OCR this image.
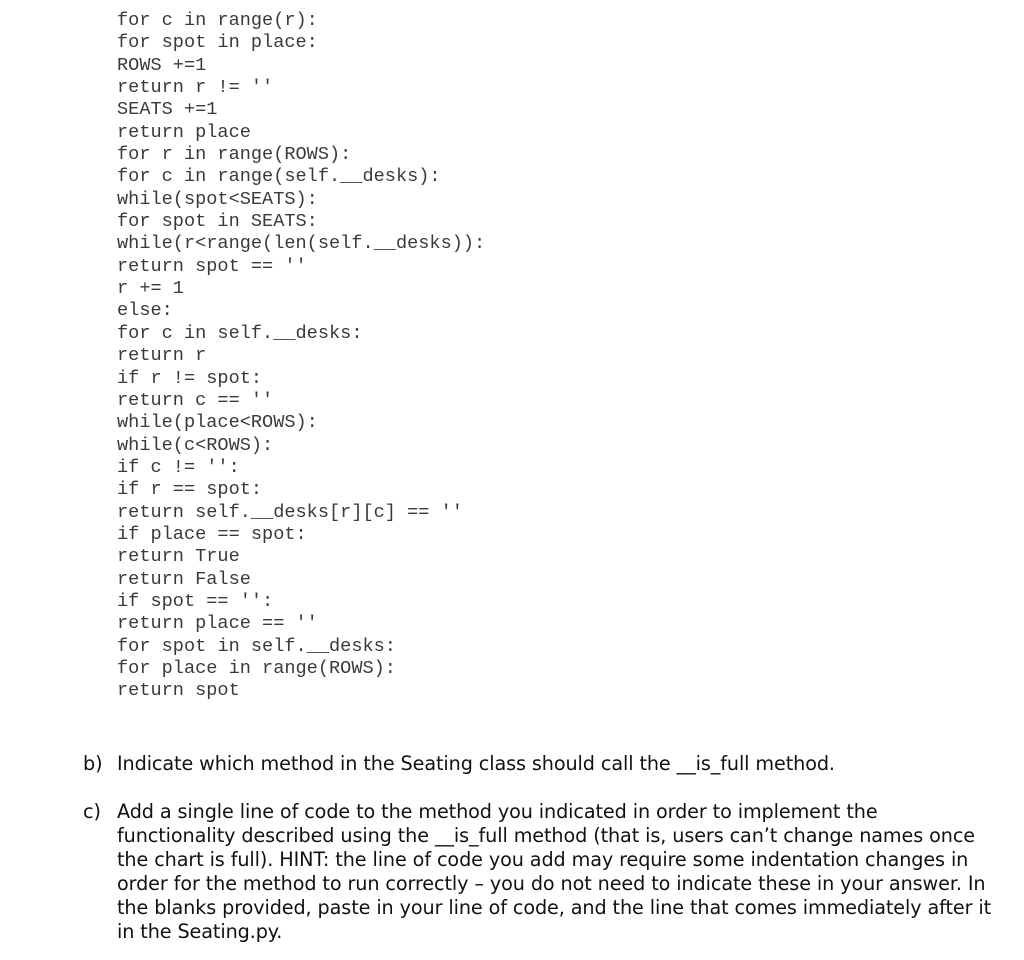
for c in range(r):
for spot in place:
ROWS +=1
return r != ''
SEATS +=1
return place
for r in range(ROWS):
for c in range(self.__desks):
while(spot<SEATS):
for spot in SEATS:
while(r<range(len(self.__desks)):
return spot == ''
r += 1
else:
for c in self.__desks:
return r
if r != spot:
return c == ''
while(place<ROWS):
while(c<ROWS):
if c != '':
if r == spot:
return self.__desks[r][c] == ''
if place == spot:
return True
return False
if spot == '':
return place == ''
for spot in self.__desks:
for place in range(ROWS):
return spot
b) Indicate which method in the Seating class should call the __is_full method.
c) Add a single line of code to the method you indicated in order to implement the functionality described using the __is_full method (that is, users can’t change names once the chart is full). HINT: the line of code you add may require some indentation changes in order for the method to run correctly – you do not need to indicate these in your answer. In the blanks provided, paste in your line of code, and the line that comes immediately after it in the Seating.py.
